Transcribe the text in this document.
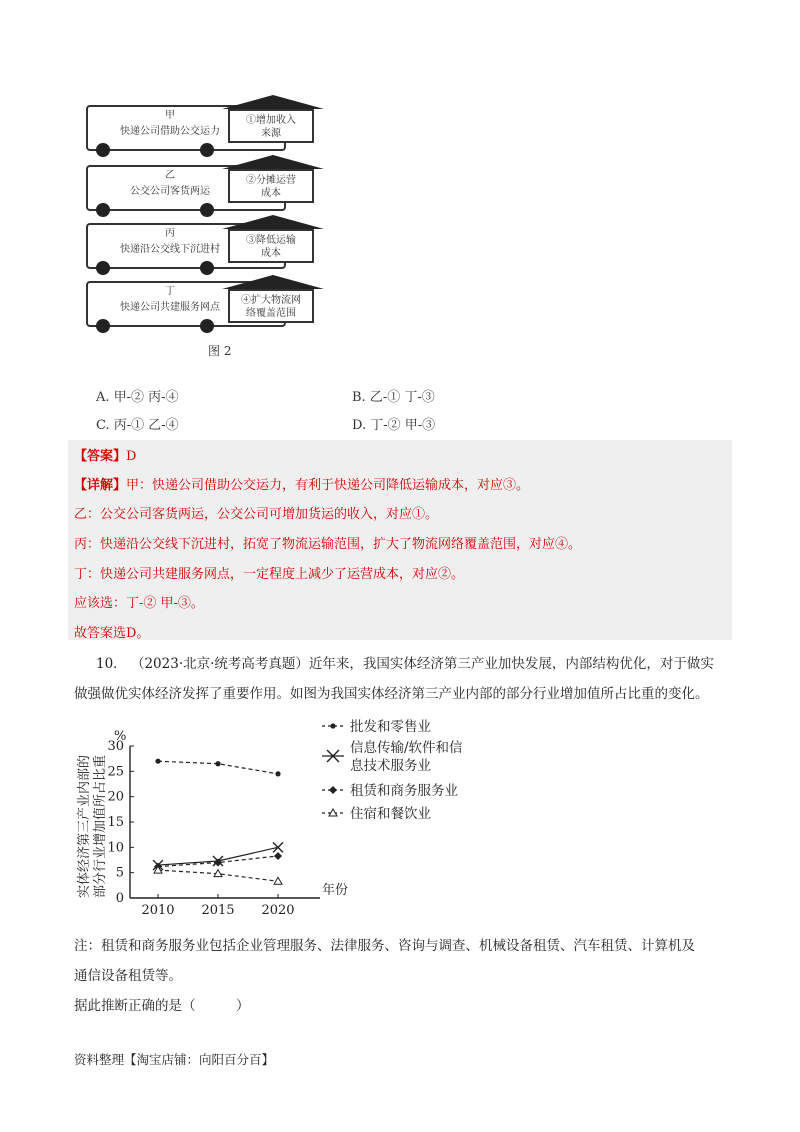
甲
快递公司借助公交运力
①增加收入
来源
乙
公交公司客货两运
②分摊运营
成本
丙
快递沿公交线下沉进村
③降低运输
成本
丁
快递公司共建服务网点
④扩大物流网
络覆盖范围
图 2
A. 甲-② 丙-④	B. 乙-① 丁-③
C. 丙-① 乙-④	D. 丁-② 甲-③
【答案】D
【详解】甲：快递公司借助公交运力，有利于快递公司降低运输成本，对应③。
乙：公交公司客货两运，公交公司可增加货运的收入，对应①。
丙：快递沿公交线下沉进村，拓宽了物流运输范围，扩大了物流网络覆盖范围，对应④。
丁：快递公司共建服务网点，一定程度上减少了运营成本，对应②。
应该选：丁-② 甲-③。
故答案选D。
10． （2023·北京·统考高考真题）近年来，我国实体经济第三产业加快发展，内部结构优化，对于做实
做强做优实体经济发挥了重要作用。如图为我国实体经济第三产业内部的部分行业增加值所占比重的变化。
0
5
10
15
20
25
30
%
2010 2015 2020
年份
实体经济第三产业内部的 部分行业增加值所占比重
批发和零售业
信息传输/软件和信
息技术服务业
租赁和商务服务业
住宿和餐饮业
注：租赁和商务服务业包括企业管理服务、法律服务、咨询与调查、机械设备租赁、汽车租赁、计算机及
通信设备租赁等。
据此推断正确的是（　　　）
资料整理【淘宝店铺：向阳百分百】
